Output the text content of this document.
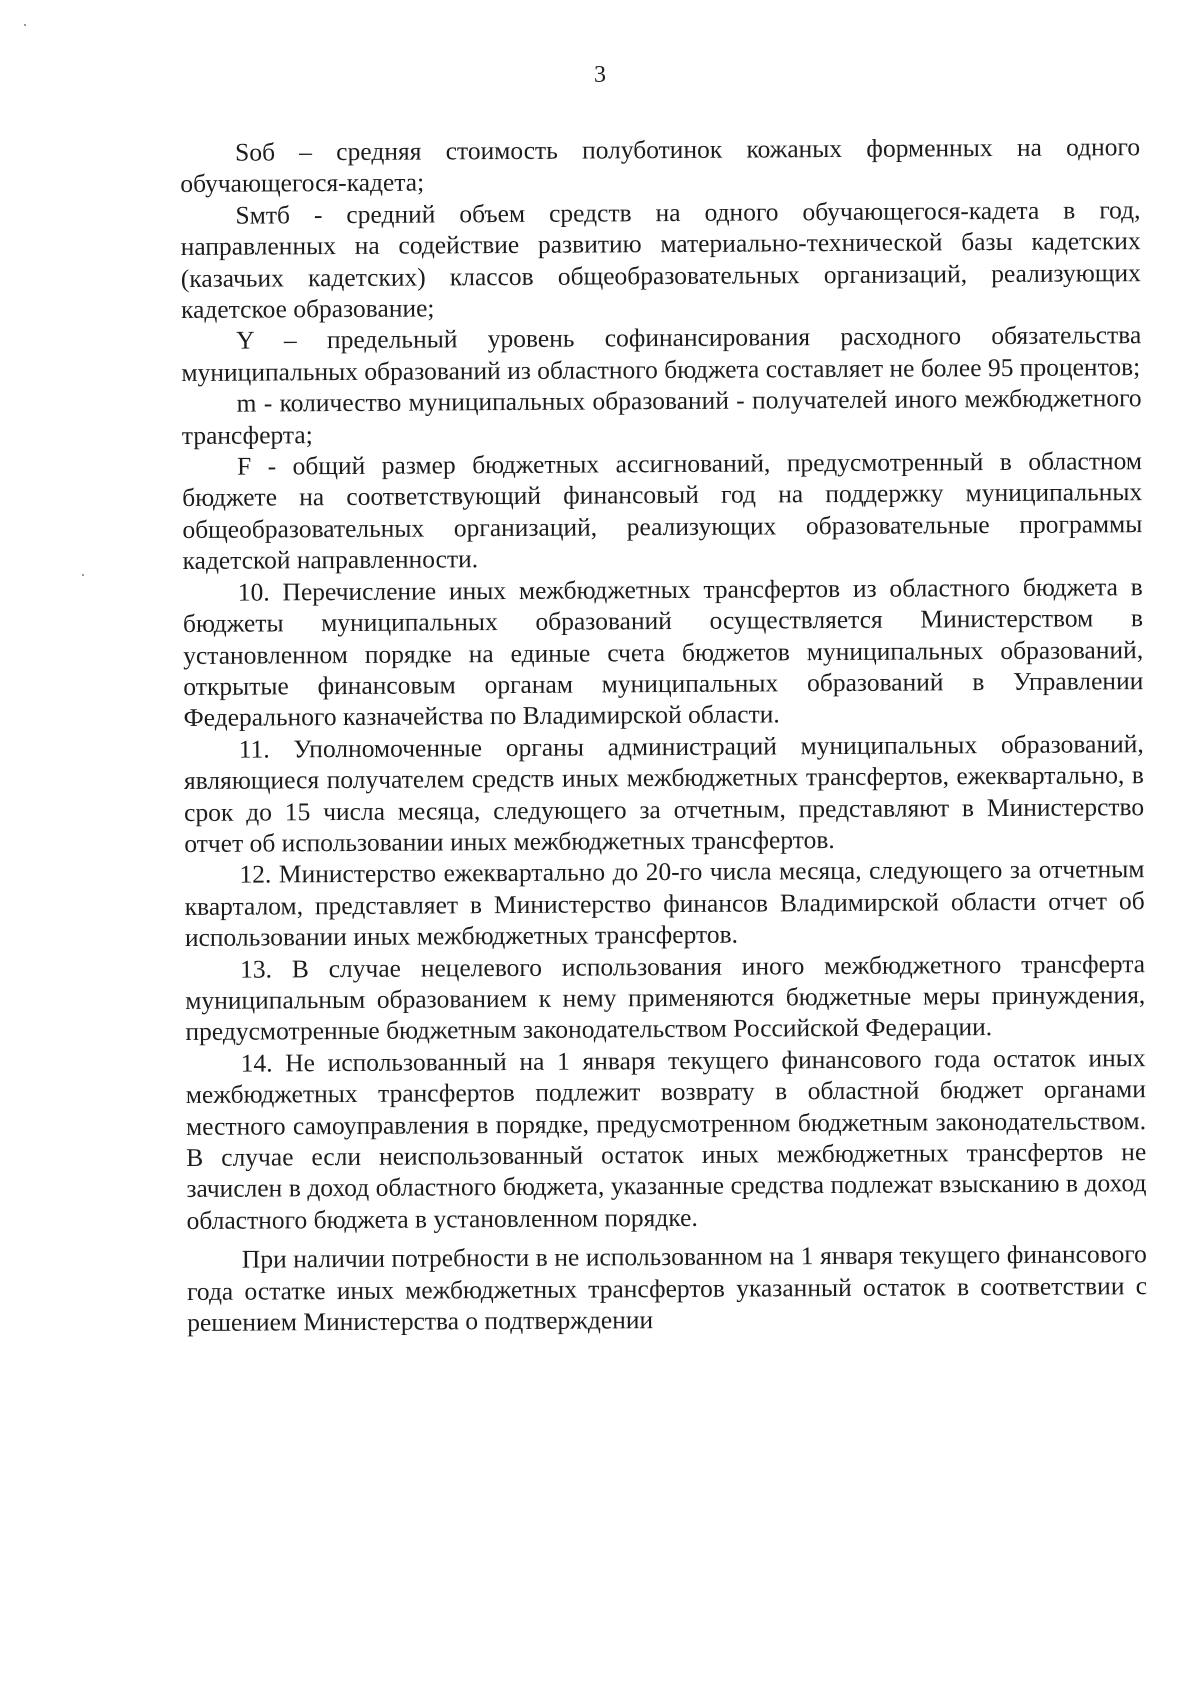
3

Sоб – средняя стоимость полуботинок кожаных форменных на одного обучающегося-кадета;

Sмтб - средний объем средств на одного обучающегося-кадета в год, направленных на содействие развитию материально-технической базы кадетских (казачьих кадетских) классов общеобразовательных организаций, реализующих кадетское образование;

Y – предельный уровень софинансирования расходного обязательства муниципальных образований из областного бюджета составляет не более 95 процентов;

m - количество муниципальных образований - получателей иного межбюджетного трансферта;

F - общий размер бюджетных ассигнований, предусмотренный в областном бюджете на соответствующий финансовый год на поддержку муниципальных общеобразовательных организаций, реализующих образовательные программы кадетской направленности.

10. Перечисление иных межбюджетных трансфертов из областного бюджета в бюджеты муниципальных образований осуществляется Министерством в установленном порядке на единые счета бюджетов муниципальных образований, открытые финансовым органам муниципальных образований в Управлении Федерального казначейства по Владимирской области.

11. Уполномоченные органы администраций муниципальных образований, являющиеся получателем средств иных межбюджетных трансфертов, ежеквартально, в срок до 15 числа месяца, следующего за отчетным, представляют в Министерство отчет об использовании иных межбюджетных трансфертов.

12. Министерство ежеквартально до 20-го числа месяца, следующего за отчетным кварталом, представляет в Министерство финансов Владимирской области отчет об использовании иных межбюджетных трансфертов.

13. В случае нецелевого использования иного межбюджетного трансферта муниципальным образованием к нему применяются бюджетные меры принуждения, предусмотренные бюджетным законодательством Российской Федерации.

14. Не использованный на 1 января текущего финансового года остаток иных межбюджетных трансфертов подлежит возврату в областной бюджет органами местного самоуправления в порядке, предусмотренном бюджетным законодательством. В случае если неиспользованный остаток иных межбюджетных трансфертов не зачислен в доход областного бюджета, указанные средства подлежат взысканию в доход областного бюджета в установленном порядке.

При наличии потребности в не использованном на 1 января текущего финансового года остатке иных межбюджетных трансфертов указанный остаток в соответствии с решением Министерства о подтверждении
